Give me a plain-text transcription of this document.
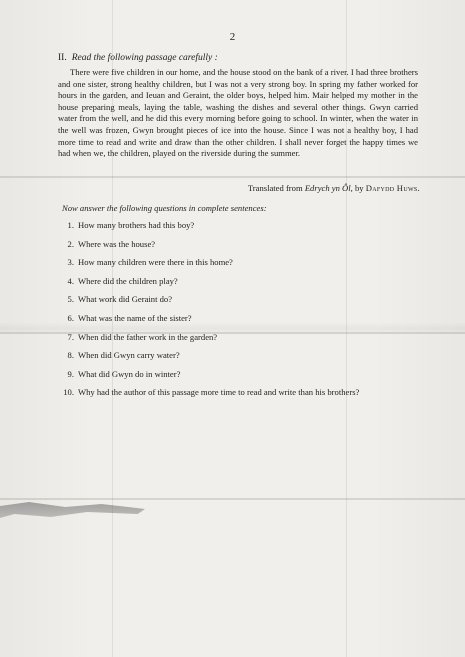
2

II. Read the following passage carefully :

There were five children in our home, and the house stood on the bank of a river. I had three brothers and one sister, strong healthy children, but I was not a very strong boy. In spring my father worked for hours in the garden, and Ieuan and Geraint, the older boys, helped him. Mair helped my mother in the house preparing meals, laying the table, washing the dishes and several other things. Gwyn carried water from the well, and he did this every morning before going to school. In winter, when the water in the well was frozen, Gwyn brought pieces of ice into the house. Since I was not a healthy boy, I had more time to read and write and draw than the other children. I shall never forget the happy times we had when we, the children, played on the riverside during the summer.

Translated from Edrych yn Ôl, by Dafydd Huws.
Now answer the following questions in complete sentences:
1. How many brothers had this boy?
2. Where was the house?
3. How many children were there in this home?
4. Where did the children play?
5. What work did Geraint do?
6. What was the name of the sister?
7. When did the father work in the garden?
8. When did Gwyn carry water?
9. What did Gwyn do in winter?
10. Why had the author of this passage more time to read and write than his brothers?
